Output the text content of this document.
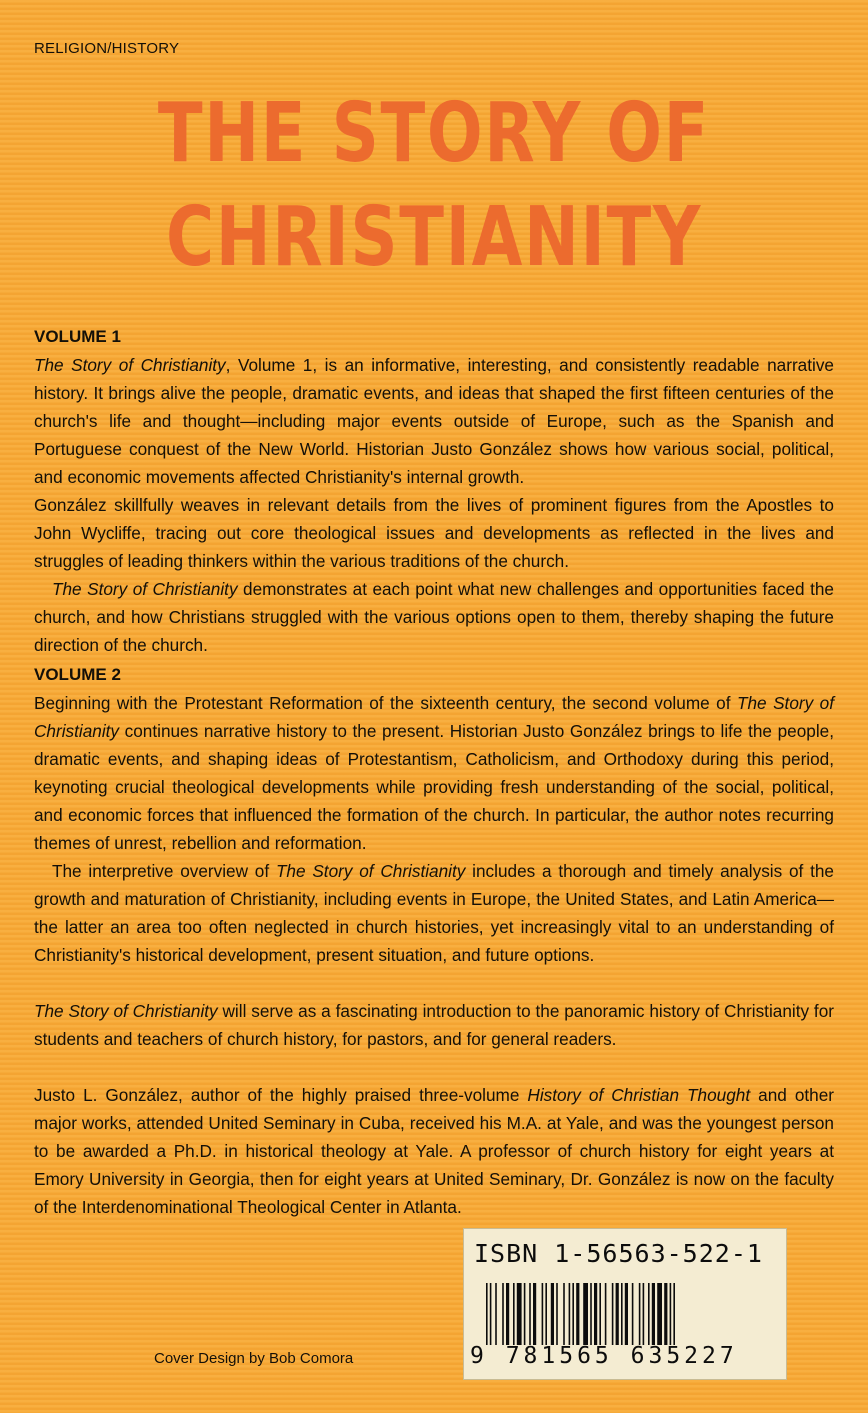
RELIGION/HISTORY
THE STORY OF
CHRISTIANITY

VOLUME 1

The Story of Christianity, Volume 1, is an informative, interesting, and consistently readable narrative history. It brings alive the people, dramatic events, and ideas that shaped the first fifteen centuries of the church's life and thought—including major events outside of Europe, such as the Spanish and Portuguese conquest of the New World. Historian Justo González shows how various social, political, and economic movements affected Christianity's internal growth.

González skillfully weaves in relevant details from the lives of prominent figures from the Apostles to John Wycliffe, tracing out core theological issues and developments as reflected in the lives and struggles of leading thinkers within the various traditions of the church.

The Story of Christianity demonstrates at each point what new challenges and opportunities faced the church, and how Christians struggled with the various options open to them, thereby shaping the future direction of the church.

VOLUME 2

Beginning with the Protestant Reformation of the sixteenth century, the second volume of The Story of Christianity continues narrative history to the present. Historian Justo González brings to life the people, dramatic events, and shaping ideas of Protestantism, Catholicism, and Orthodoxy during this period, keynoting crucial theological developments while providing fresh understanding of the social, political, and economic forces that influenced the formation of the church. In particular, the author notes recurring themes of unrest, rebellion and reformation.

The interpretive overview of The Story of Christianity includes a thorough and timely analysis of the growth and maturation of Christianity, including events in Europe, the United States, and Latin America—the latter an area too often neglected in church histories, yet increasingly vital to an understanding of Christianity's historical development, present situation, and future options.

The Story of Christianity will serve as a fascinating introduction to the panoramic history of Christianity for students and teachers of church history, for pastors, and for general readers.

Justo L. González, author of the highly praised three-volume History of Christian Thought and other major works, attended United Seminary in Cuba, received his M.A. at Yale, and was the youngest person to be awarded a Ph.D. in historical theology at Yale. A professor of church history for eight years at Emory University in Georgia, then for eight years at United Seminary, Dr. González is now on the faculty of the Interdenominational Theological Center in Atlanta.

Cover Design by Bob Comora
ISBN 1-56563-522-1
9 781565 635227
